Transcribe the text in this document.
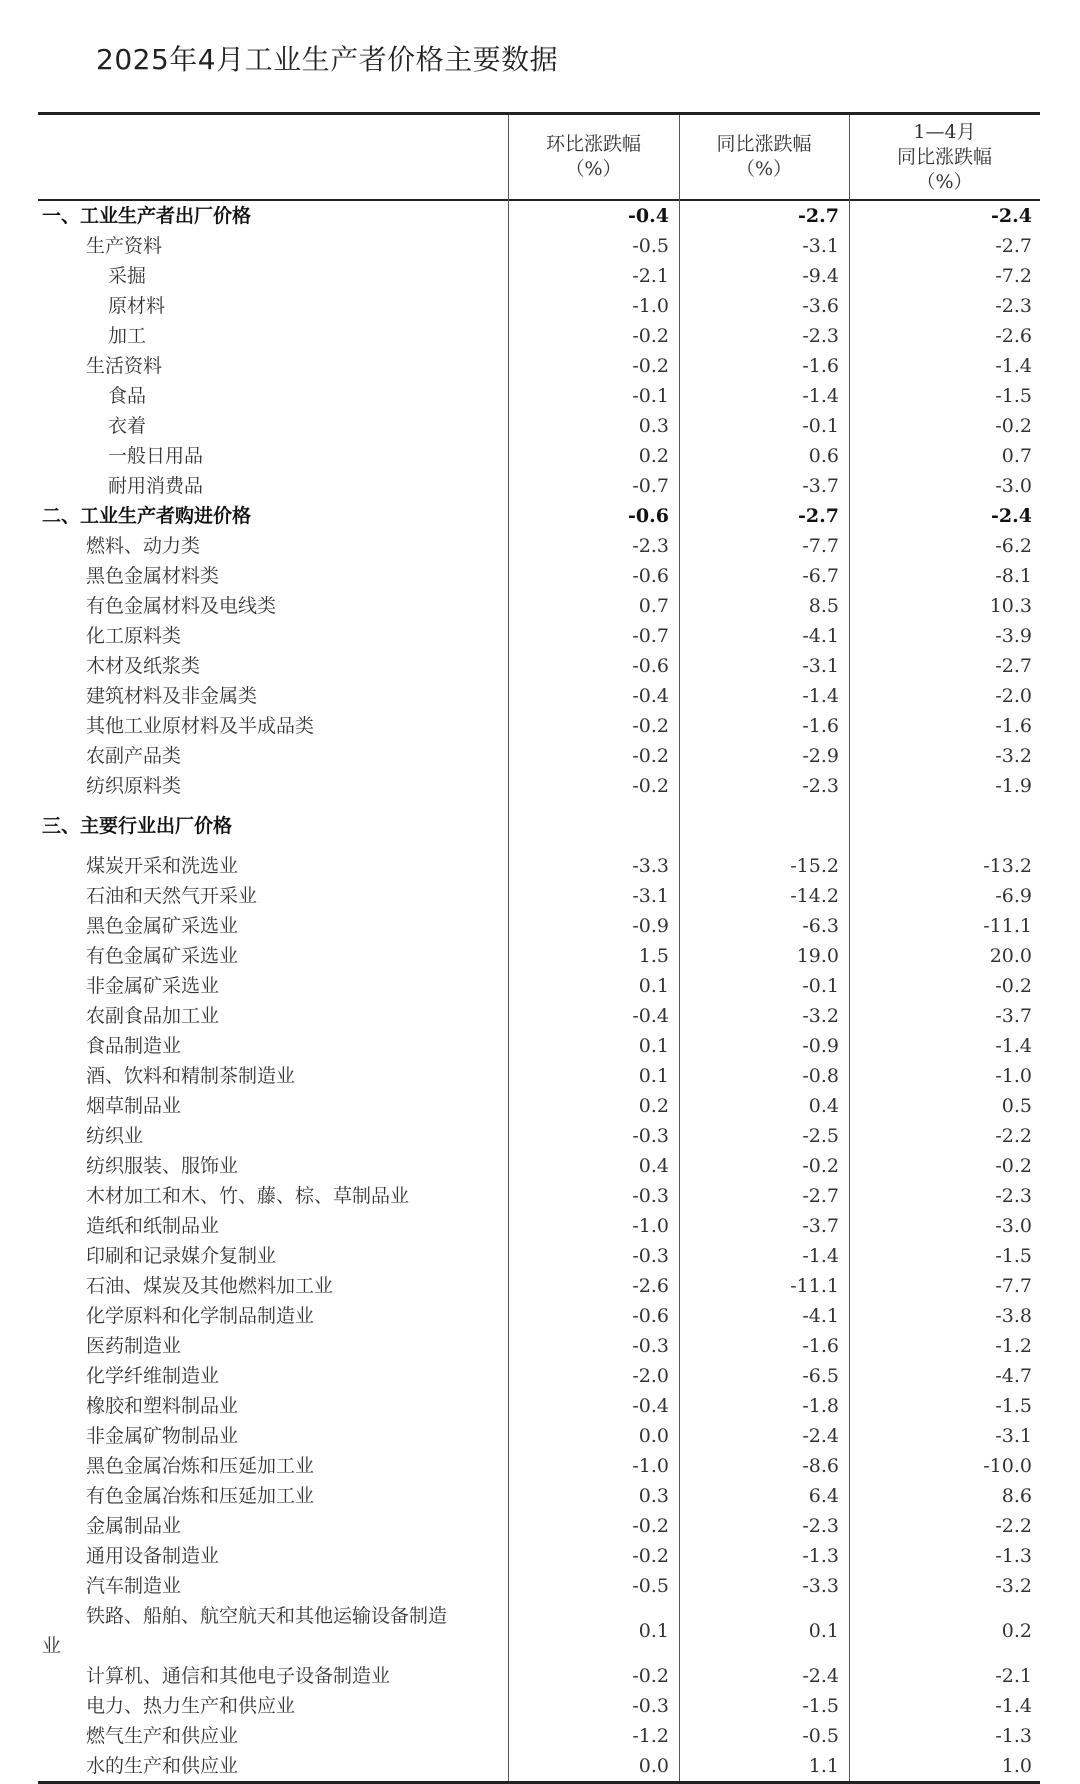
2025年4月工业生产者价格主要数据
环比涨跌幅
（%）
同比涨跌幅
（%）
1—4月
同比涨跌幅
（%）
一、工业生产者出厂价格	-0.4	-2.7	-2.4
生产资料	-0.5	-3.1	-2.7
采掘	-2.1	-9.4	-7.2
原材料	-1.0	-3.6	-2.3
加工	-0.2	-2.3	-2.6
生活资料	-0.2	-1.6	-1.4
食品	-0.1	-1.4	-1.5
衣着	0.3	-0.1	-0.2
一般日用品	0.2	0.6	0.7
耐用消费品	-0.7	-3.7	-3.0
二、工业生产者购进价格	-0.6	-2.7	-2.4
燃料、动力类	-2.3	-7.7	-6.2
黑色金属材料类	-0.6	-6.7	-8.1
有色金属材料及电线类	0.7	8.5	10.3
化工原料类	-0.7	-4.1	-3.9
木材及纸浆类	-0.6	-3.1	-2.7
建筑材料及非金属类	-0.4	-1.4	-2.0
其他工业原材料及半成品类	-0.2	-1.6	-1.6
农副产品类	-0.2	-2.9	-3.2
纺织原料类	-0.2	-2.3	-1.9
三、主要行业出厂价格
煤炭开采和洗选业	-3.3	-15.2	-13.2
石油和天然气开采业	-3.1	-14.2	-6.9
黑色金属矿采选业	-0.9	-6.3	-11.1
有色金属矿采选业	1.5	19.0	20.0
非金属矿采选业	0.1	-0.1	-0.2
农副食品加工业	-0.4	-3.2	-3.7
食品制造业	0.1	-0.9	-1.4
酒、饮料和精制茶制造业	0.1	-0.8	-1.0
烟草制品业	0.2	0.4	0.5
纺织业	-0.3	-2.5	-2.2
纺织服装、服饰业	0.4	-0.2	-0.2
木材加工和木、竹、藤、棕、草制品业	-0.3	-2.7	-2.3
造纸和纸制品业	-1.0	-3.7	-3.0
印刷和记录媒介复制业	-0.3	-1.4	-1.5
石油、煤炭及其他燃料加工业	-2.6	-11.1	-7.7
化学原料和化学制品制造业	-0.6	-4.1	-3.8
医药制造业	-0.3	-1.6	-1.2
化学纤维制造业	-2.0	-6.5	-4.7
橡胶和塑料制品业	-0.4	-1.8	-1.5
非金属矿物制品业	0.0	-2.4	-3.1
黑色金属冶炼和压延加工业	-1.0	-8.6	-10.0
有色金属冶炼和压延加工业	0.3	6.4	8.6
金属制品业	-0.2	-2.3	-2.2
通用设备制造业	-0.2	-1.3	-1.3
汽车制造业	-0.5	-3.3	-3.2
铁路、船舶、航空航天和其他运输设备制造
业
0.1	0.1	0.2
计算机、通信和其他电子设备制造业	-0.2	-2.4	-2.1
电力、热力生产和供应业	-0.3	-1.5	-1.4
燃气生产和供应业	-1.2	-0.5	-1.3
水的生产和供应业	0.0	1.1	1.0
